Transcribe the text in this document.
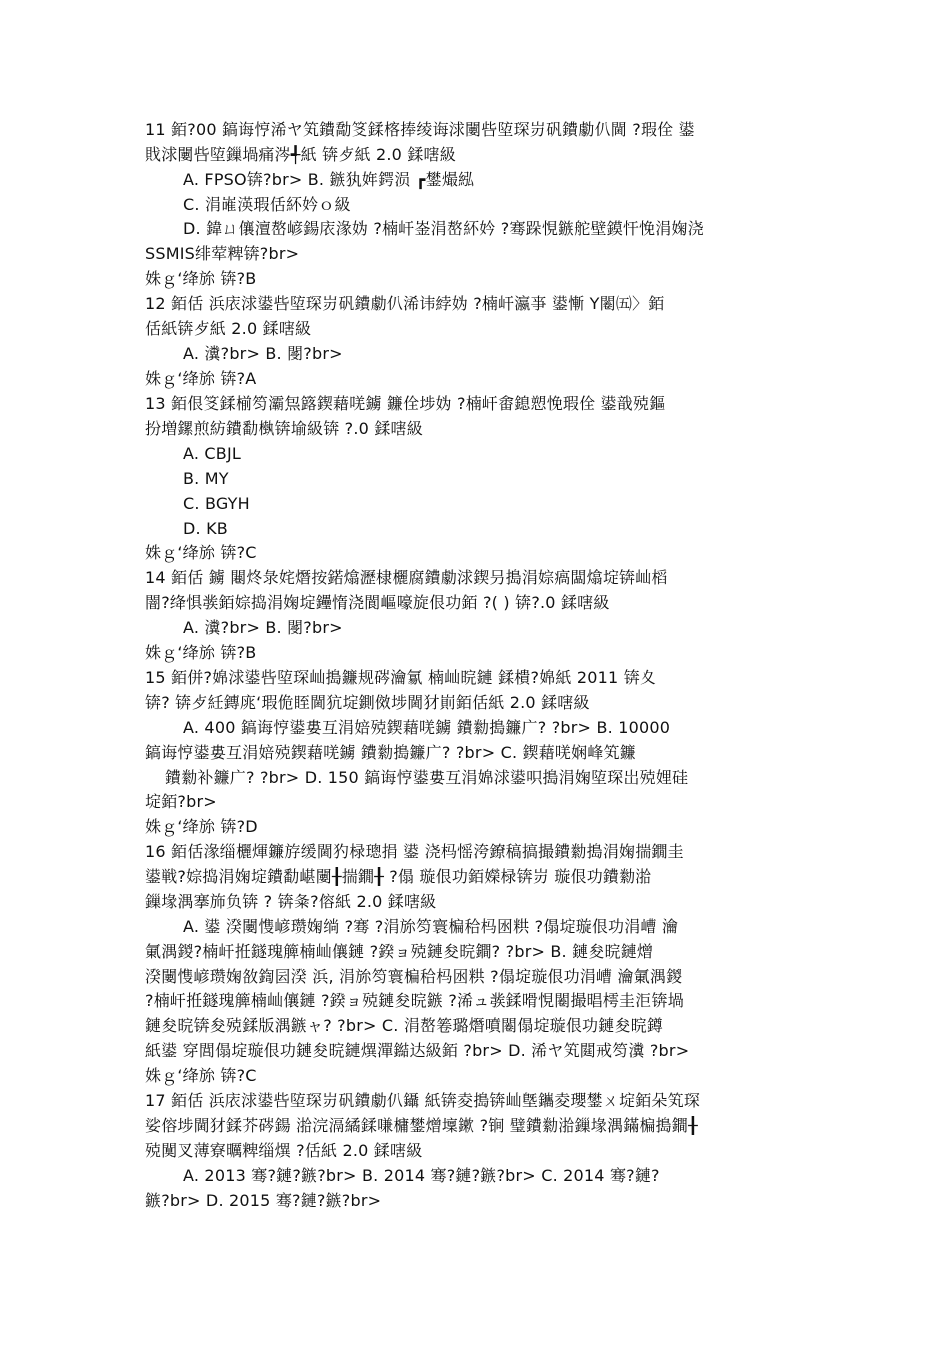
11 銆?00 鎬诲悙浠ヤ笂鐨勪笅鍒楁捧绫诲浗闄呰埅琛岃矾鐨勮仈閫 ?瑕佺 鍙
戝浗闄呰埅鏁堝痛涔╃紙 锛歺紙 2.0 鍒嗐級
A. FPSO锛?br> B. 鏃犱姩鍔涢 ┏鐢熶紭
C. 涓嶉渶瑕佸紑妗ｏ級
D. 鍏ㄩ儴澶嶅嵃鍚庡湪妫 ?楠屽崟涓嶅紑妗 ?骞跺悓鏃舵壁鏌忓悗涓婅浇
SSMIS绯荤粺锛?br>
姝ｇ‘绛旀 锛?B
12 銆佸 浜庡浗鍙呰埅琛岃矾鐨勮仈浠讳綍妫 ?楠屽瀛亊 鍙慚 Y闂㈤〉銆
佸紙锛歺紙 2.0 鍒嗐級
A. 瀵?br> B. 閿?br>
姝ｇ‘绛旀 锛?A
13 銆佷笅鍒椾笉灞炰簬鍥藉唴鐪 鐮佺埗妫 ?楠屽畬鎴愬悗瑕佺 鍙戠殑鏂
扮増鏍煎紡鐨勫槸锛堬級锛 ?.0 鍒嗐級
A. CBJL
B. MY
C. BGYH
D. KB
姝ｇ‘绛旀 锛?C
14 銆佸 鐪 闀炵彔姹熸按鍩熻瀝棣欐腐鐨勮浗鍥叧搗涓婃瘑闆熻埞锛屾槄
闇?绛惧彂銆婃捣涓婅埞鑸惰浇閬嶇嚎旋佷功銆 ?( ) 锛?.0 鍒嗐級
A. 瀵?br> B. 閿?br>
姝ｇ‘绛旀 锛?B
15 銆併?婂浗鍙呰埅琛屾搗鐮规硶瀹氱 楠屾晥鏈 鍒樻?婂紙 2011 锛夊
锛? 锛歺紝鏄庣‘瑕佹眰閫犺埞鍘傚埗閫犲崱銆佸紙 2.0 鍒嗐級
A. 400 鎬诲悙鍙婁互涓婄殑鍥藉唴鐪 鐨勬搗鐮广? ?br> B. 10000
鎬诲悙鍙婁互涓婄殑鍥藉唴鐪 鐨勬搗鐮广? ?br> C. 鍥藉唴娴峰笂鐮
鐨勬补鐮广? ?br> D. 150 鎬诲悙鍙婁互涓婂浗鍙呮搗涓婅埅琛岀殑娌硅
埞銆?br>
姝ｇ‘绛旀 锛?D
16 銆佸湪缁欐煇鐮斿缓閫犳椂璁捐 鍙 浇杩愮洿鐐稿搞撮鐨勬搗涓婅揣鐗圭
鍙戦?婃捣涓婅埞鐨勫嵁闄╂揣鐗╂ ?傝 璇佷功銆嬫椂锛岃 璇佷功鐨勬湁
鏁堟湡搴斾负锛 ? 锛夈?傛紙 2.0 鍒嗐級
A. 鍙 湀闄愯嵃瓒婅绱 ?骞 ?涓旀笉寰楄秴杩囦粠 ?傝埞璇佷功涓嶆 瀹
氭湡鍐?楠屽拰鐩瑰簲楠屾儴鏈 ?鍨ョ殑鏈夋晥鐧? ?br> B. 鏈夋晥鏈熷
湀闄愯嵃瓒婅敋鍧囩湀 浜, 涓旀笉寰楄秴杩囦粠 ?傝埞璇佷功涓嶆 瀹氭湡鍐
?楠屽拰鐩瑰簲楠屾儴鏈 ?鍨ョ殑鏈夋晥鏃 ?浠ュ彂鍒嗗悓闂撮晿樗圭洰锛堝
鏈夋晥锛夋殑鍒版湡鏃ャ? ?br> C. 涓嶅箞璐熸噴闂傝埞璇佷功鏈夋晥鐏
紙鍙 穿閭傝埞璇佷功鏈夋晥鏈熼潬鐑达級銆 ?br> D. 浠ヤ笂閮戒笉瀵 ?br>
姝ｇ‘绛旀 锛?C
17 銆佸 浜庡浗鍙呰埅琛岃矾鐨勮仈鑷 紙锛夌搗锛屾墍鑴夌瓔鐢ㄨ埞銆朵笂琛
娑傛埗閫犲鍒芥硶鍚 湁浣滆繘鍒嗛槦鐢熷壈鏉 ?锏 璧鐨勬湁鏁堟湡鏋楄搗鐧╂
殑闃叉薄寮曞粺缁熼 ?佸紙 2.0 鍒嗐級
A. 2013 骞?鏈?鏃?br> B. 2014 骞?鏈?鏃?br> C. 2014 骞?鏈?
鏃?br> D. 2015 骞?鏈?鏃?br>
